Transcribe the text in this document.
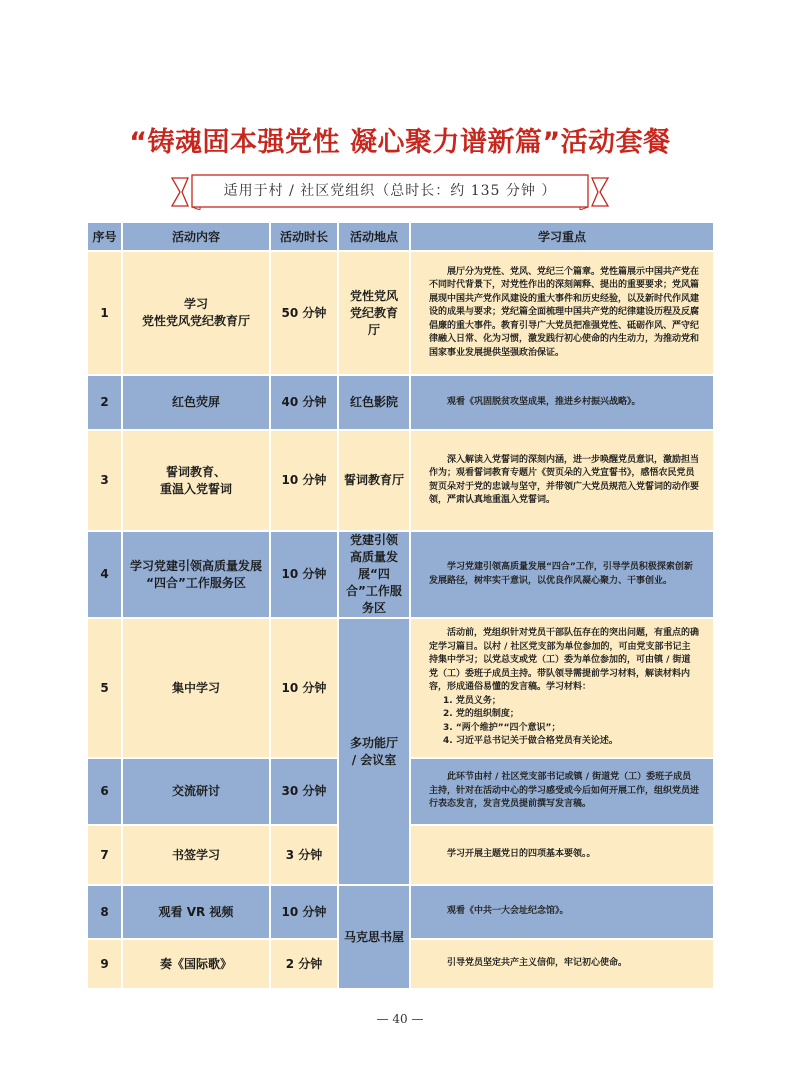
“铸魂固本强党性 凝心聚力谱新篇”活动套餐
适用于村 / 社区党组织（总时长：约 135 分钟 ）
序号	活动内容	活动时长	活动地点	学习重点
1	学习
党性党风党纪教育厅	50 分钟	党性党风党纪教育厅	展厅分为党性、党风、党纪三个篇章。党性篇展示中国共产党在不同时代背景下，对党性作出的深刻阐释、提出的重要要求；党风篇展现中国共产党作风建设的重大事件和历史经验，以及新时代作风建设的成果与要求；党纪篇全面梳理中国共产党的纪律建设历程及反腐倡廉的重大事件。教育引导广大党员把准强党性、砥砺作风、严守纪律融入日常、化为习惯，激发践行初心使命的内生动力，为推动党和国家事业发展提供坚强政治保证。

2	红色荧屏	40 分钟	红色影院	观看《巩固脱贫攻坚成果，推进乡村振兴战略》。

3	誓词教育、
重温入党誓词	10 分钟	誓词教育厅	深入解读入党誓词的深刻内涵，进一步唤醒党员意识，激励担当作为；观看誓词教育专题片《贺页朵的入党宣誓书》，感悟农民党员贺页朵对于党的忠诚与坚守，并带领广大党员规范入党誓词的动作要领，严肃认真地重温入党誓词。

4	学习党建引领高质量发展
“四合”工作服务区	10 分钟	党建引领高质量发展“四合”工作服务区	学习党建引领高质量发展“四合”工作，引导学员积极探索创新发展路径，树牢实干意识，以优良作风凝心聚力、干事创业。

5	集中学习	10 分钟	多功能厅 / 会议室	活动前，党组织针对党员干部队伍存在的突出问题，有重点的确定学习篇目。以村 / 社区党支部为单位参加的，可由党支部书记主持集中学习；以党总支或党（工）委为单位参加的，可由镇 / 街道党（工）委班子成员主持。带队领导需提前学习材料，解读材料内容，形成通俗易懂的发言稿。学习材料：
1. 党员义务；
2. 党的组织制度；
3. “两个维护”“四个意识”；
4. 习近平总书记关于做合格党员有关论述。

6	交流研讨	30 分钟		此环节由村 / 社区党支部书记或镇 / 街道党（工）委班子成员主持，针对在活动中心的学习感受或今后如何开展工作，组织党员进行表态发言，发言党员提前撰写发言稿。

7	书签学习	3 分钟		学习开展主题党日的四项基本要领。。

8	观看 VR 视频	10 分钟	马克思书屋	观看《中共一大会址纪念馆》。

9	奏《国际歌》	2 分钟		引导党员坚定共产主义信仰，牢记初心使命。
— 40 —
